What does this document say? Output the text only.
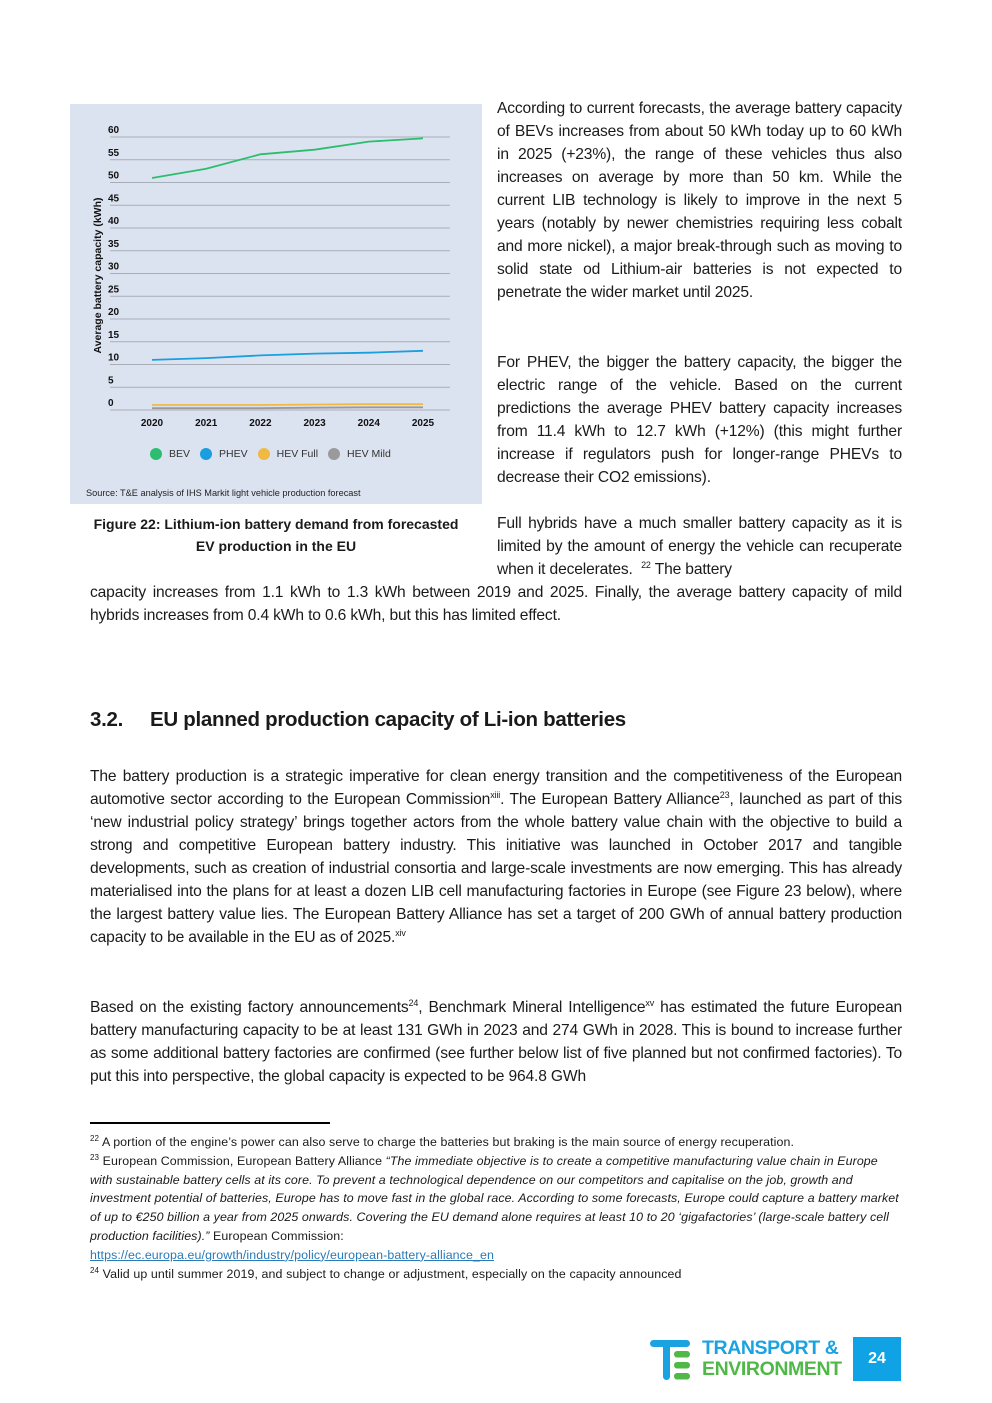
0
5
10
15
20
25
30
35
40
45
50
55
60
2020	2021	2022	2023	2024	2025
Average battery capacity (kWh)
BEV	PHEV	HEV Full	HEV Mild
Source: T&E analysis of IHS Markit light vehicle production forecast
Figure 22: Lithium-ion battery demand from forecasted
EV production in the EU
According to current forecasts, the average battery capacity of BEVs increases from about 50 kWh today up to 60 kWh in 2025 (+23%), the range of these vehicles thus also increases on average by more than 50 km. While the current LIB technology is likely to improve in the next 5 years (notably by newer chemistries requiring less cobalt and more nickel), a major break-through such as moving to solid state od Lithium-air batteries is not expected to penetrate the wider market until 2025.
For PHEV, the bigger the battery capacity, the bigger the electric range of the vehicle. Based on the current predictions the average PHEV battery capacity increases from 11.4 kWh to 12.7 kWh (+12%) (this might further increase if regulators push for longer-range PHEVs to decrease their CO2 emissions).
Full hybrids have a much smaller battery capacity as it is limited by the amount of energy the vehicle can recuperate when it decelerates. $^{22}$ The battery
capacity increases from 1.1 kWh to 1.3 kWh between 2019 and 2025. Finally, the average battery capacity of mild hybrids increases from 0.4 kWh to 0.6 kWh, but this has limited effect.
3.2. EU planned production capacity of Li-ion batteries
The battery production is a strategic imperative for clean energy transition and the competitiveness of the European automotive sector according to the European Commission$^{xiii}$. The European Battery Alliance$^{23}$, launched as part of this ‘new industrial policy strategy’ brings together actors from the whole battery value chain with the objective to build a strong and competitive European battery industry. This initiative was launched in October 2017 and tangible developments, such as creation of industrial consortia and large-scale investments are now emerging. This has already materialised into the plans for at least a dozen LIB cell manufacturing factories in Europe (see Figure 23 below), where the largest battery value lies. The European Battery Alliance has set a target of 200 GWh of annual battery production capacity to be available in the EU as of 2025.$^{xiv}$
Based on the existing factory announcements$^{24}$, Benchmark Mineral Intelligence$^{xv}$ has estimated the future European battery manufacturing capacity to be at least 131 GWh in 2023 and 274 GWh in 2028. This is bound to increase further as some additional battery factories are confirmed (see further below list of five planned but not confirmed factories). To put this into perspective, the global capacity is expected to be 964.8 GWh

$^{22}$ A portion of the engine’s power can also serve to charge the batteries but braking is the main source of energy recuperation.

$^{23}$ European Commission, European Battery Alliance “The immediate objective is to create a competitive manufacturing value chain in Europe with sustainable battery cells at its core. To prevent a technological dependence on our competitors and capitalise on the job, growth and investment potential of batteries, Europe has to move fast in the global race. According to some forecasts, Europe could capture a battery market of up to €250 billion a year from 2025 onwards. Covering the EU demand alone requires at least 10 to 20 ‘gigafactories’ (large-scale battery cell production facilities).” European Commission:
https://ec.europa.eu/growth/industry/policy/european-battery-alliance_en

$^{24}$ Valid up until summer 2019, and subject to change or adjustment, especially on the capacity announced

TRANSPORT &
ENVIRONMENT	24
